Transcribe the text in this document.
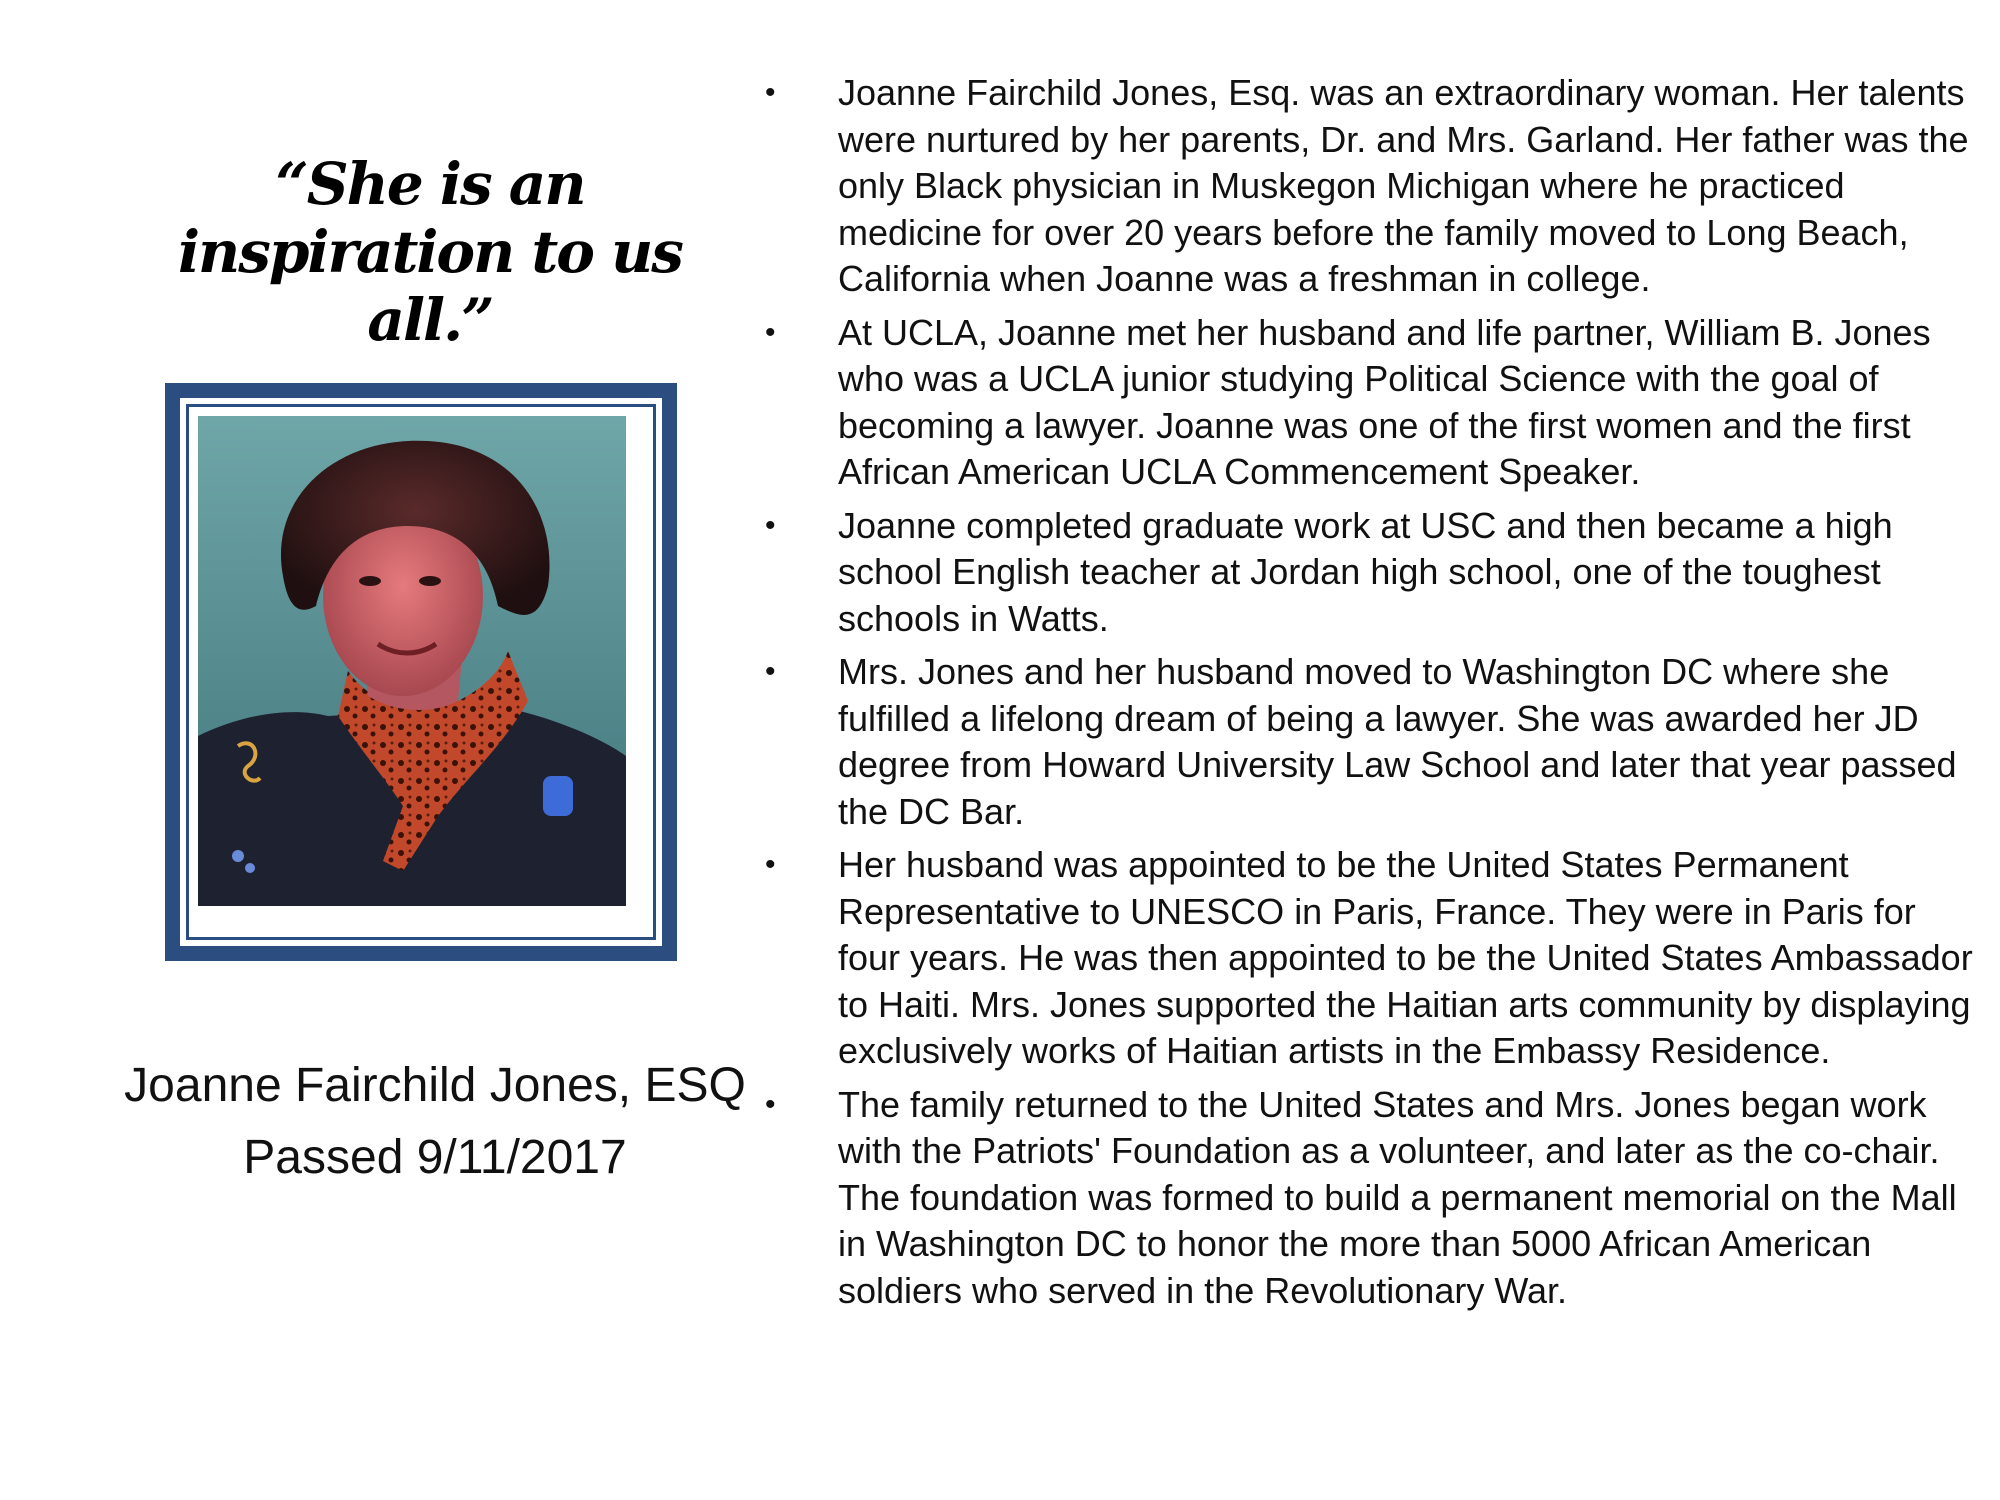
“She is an inspiration to us all.”
Joanne Fairchild Jones, ESQ
Passed 9/11/2017
• Joanne Fairchild Jones, Esq. was an extraordinary woman. Her talents were nurtured by her parents, Dr. and Mrs. Garland. Her father was the only Black physician in Muskegon Michigan where he practiced medicine for over 20 years before the family moved to Long Beach, California when Joanne was a freshman in college.
• At UCLA, Joanne met her husband and life partner, William B. Jones who was a UCLA junior studying Political Science with the goal of becoming a lawyer. Joanne was one of the first women and the first African American UCLA Commencement Speaker.
• Joanne completed graduate work at USC and then became a high school English teacher at Jordan high school, one of the toughest schools in Watts.
• Mrs. Jones and her husband moved to Washington DC where she fulfilled a lifelong dream of being a lawyer. She was awarded her JD degree from Howard University Law School and later that year passed the DC Bar.
• Her husband was appointed to be the United States Permanent Representative to UNESCO in Paris, France. They were in Paris for four years. He was then appointed to be the United States Ambassador to Haiti. Mrs. Jones supported the Haitian arts community by displaying exclusively works of Haitian artists in the Embassy Residence.
• The family returned to the United States and Mrs. Jones began work with the Patriots' Foundation as a volunteer, and later as the co-chair. The foundation was formed to build a permanent memorial on the Mall in Washington DC to honor the more than 5000 African American soldiers who served in the Revolutionary War.
